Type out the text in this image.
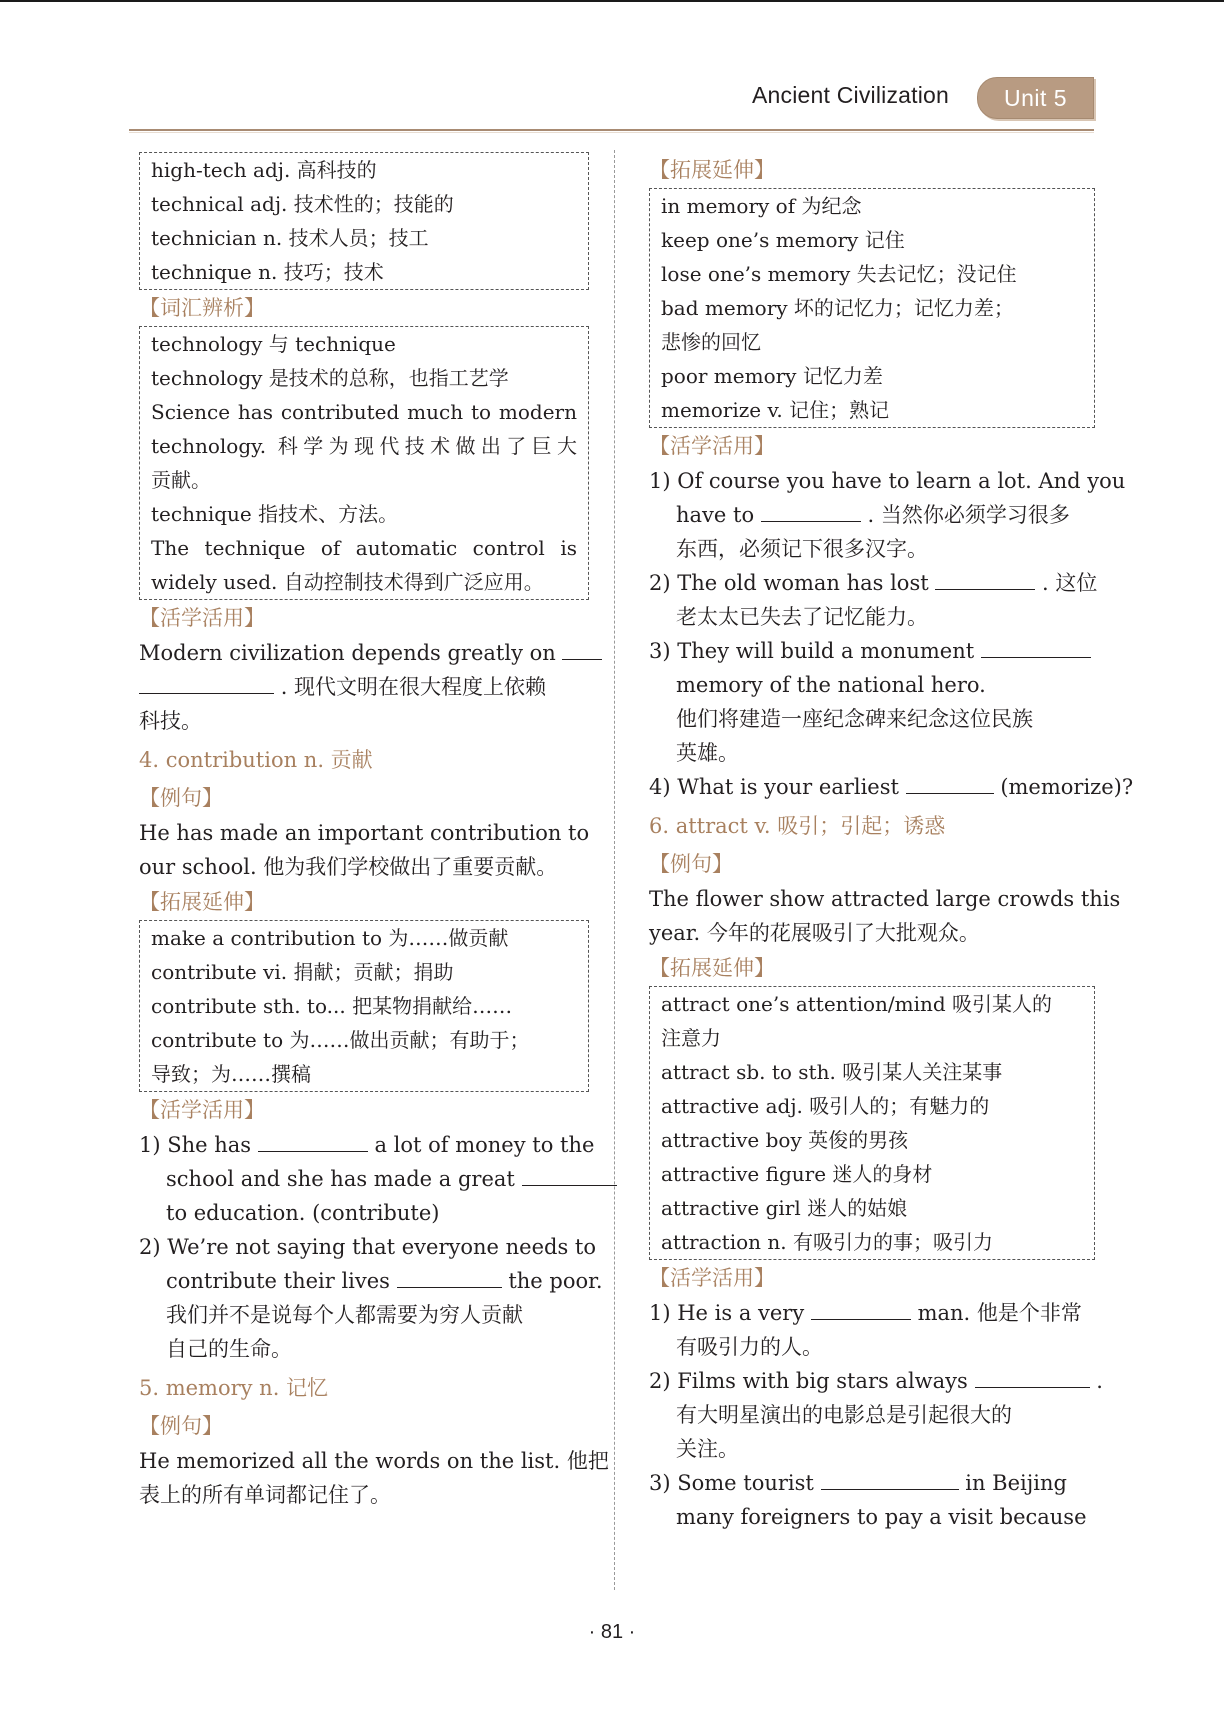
Ancient Civilization	Unit 5
high-tech adj. 高科技的
technical adj. 技术性的；技能的
technician n. 技术人员；技工
technique n. 技巧；技术
【词汇辨析】
technology 与 technique
technology 是技术的总称，也指工艺学
Science has contributed much to modern
technology. 科学为现代技术做出了巨大
贡献。
technique 指技术、方法。
The technique of automatic control is
widely used. 自动控制技术得到广泛应用。
【活学活用】
Modern civilization depends greatly on
. 现代文明在很大程度上依赖
科技。
4. contribution n. 贡献
【例句】
He has made an important contribution to
our school. 他为我们学校做出了重要贡献。
【拓展延伸】
make a contribution to 为……做贡献
contribute vi. 捐献；贡献；捐助
contribute sth. to... 把某物捐献给……
contribute to 为……做出贡献；有助于；
导致；为……撰稿
【活学活用】
1) She has	a lot of money to the
school and she has made a great
to education. (contribute)
2) We’re not saying that everyone needs to
contribute their lives	the poor.
我们并不是说每个人都需要为穷人贡献
自己的生命。
5. memory n. 记忆
【例句】
He memorized all the words on the list. 他把
表上的所有单词都记住了。
【拓展延伸】
in memory of 为纪念
keep one’s memory 记住
lose one’s memory 失去记忆；没记住
bad memory 坏的记忆力；记忆力差；
悲惨的回忆
poor memory 记忆力差
memorize v. 记住；熟记
【活学活用】
1) Of course you have to learn a lot. And you
have to	. 当然你必须学习很多
东西，必须记下很多汉字。
2) The old woman has lost	. 这位
老太太已失去了记忆能力。
3) They will build a monument
memory of the national hero.
他们将建造一座纪念碑来纪念这位民族
英雄。
4) What is your earliest	(memorize)?
6. attract v. 吸引；引起；诱惑
【例句】
The flower show attracted large crowds this
year. 今年的花展吸引了大批观众。
【拓展延伸】
attract one’s attention/mind 吸引某人的
注意力
attract sb. to sth. 吸引某人关注某事
attractive adj. 吸引人的；有魅力的
attractive boy 英俊的男孩
attractive figure 迷人的身材
attractive girl 迷人的姑娘
attraction n. 有吸引力的事；吸引力
【活学活用】
1) He is a very	man. 他是个非常
有吸引力的人。
2) Films with big stars always	.
有大明星演出的电影总是引起很大的
关注。
3) Some tourist	in Beijing
many foreigners to pay a visit because
· 81 ·
